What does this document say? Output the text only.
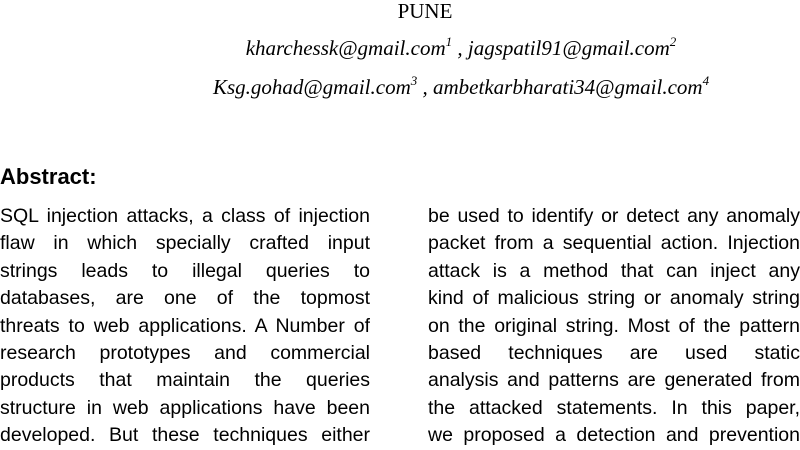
PUNE
kharchessk@gmail.com$^1$ , jagspatil91@gmail.com$^2$
Ksg.gohad@gmail.com$^3$ , ambetkarbharati34@gmail.com$^4$
Abstract:
SQL injection attacks, a class of injection
flaw in which specially crafted input
strings leads to illegal queries to
databases, are one of the topmost
threats to web applications. A Number of
research prototypes and commercial
products that maintain the queries
structure in web applications have been
developed. But these techniques either
be used to identify or detect any anomaly
packet from a sequential action. Injection
attack is a method that can inject any
kind of malicious string or anomaly string
on the original string. Most of the pattern
based techniques are used static
analysis and patterns are generated from
the attacked statements. In this paper,
we proposed a detection and prevention
